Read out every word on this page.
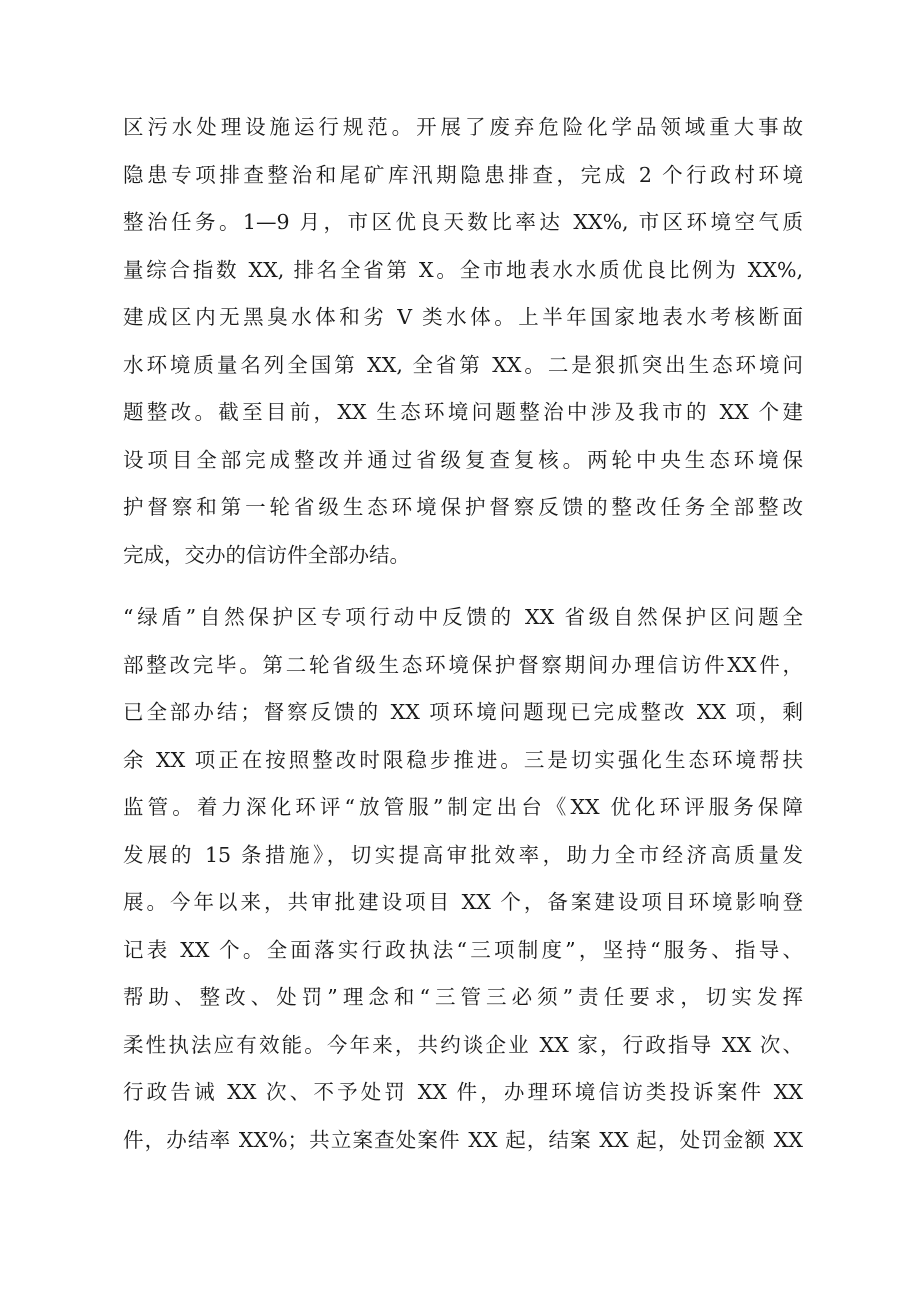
区污水处理设施运行规范。开展了废弃危险化学品领域重大事故
隐患专项排查整治和尾矿库汛期隐患排查，完成 2 个行政村环境
整治任务。1—9 月，市区优良天数比率达 XX%, 市区环境空气质
量综合指数 XX, 排名全省第 X。全市地表水水质优良比例为 XX%,
建成区内无黑臭水体和劣 V 类水体。上半年国家地表水考核断面
水环境质量名列全国第 XX, 全省第 XX。二是狠抓突出生态环境问
题整改。截至目前，XX 生态环境问题整治中涉及我市的 XX 个建
设项目全部完成整改并通过省级复查复核。两轮中央生态环境保
护督察和第一轮省级生态环境保护督察反馈的整改任务全部整改
完成，交办的信访件全部办结。
“绿盾”自然保护区专项行动中反馈的 XX 省级自然保护区问题全
部整改完毕。第二轮省级生态环境保护督察期间办理信访件XX件，
已全部办结；督察反馈的 XX 项环境问题现已完成整改 XX 项，剩
余 XX 项正在按照整改时限稳步推进。三是切实强化生态环境帮扶
监管。着力深化环评“放管服”制定出台《XX 优化环评服务保障
发展的 15 条措施》，切实提高审批效率，助力全市经济高质量发
展。今年以来，共审批建设项目 XX 个，备案建设项目环境影响登
记表 XX 个。全面落实行政执法“三项制度”，坚持“服务、指导、
帮助、整改、处罚”理念和“三管三必须”责任要求，切实发挥
柔性执法应有效能。今年来，共约谈企业 XX 家，行政指导 XX 次、
行政告诫 XX 次、不予处罚 XX 件，办理环境信访类投诉案件 XX
件，办结率 XX%；共立案查处案件 XX 起，结案 XX 起，处罚金额 XX
